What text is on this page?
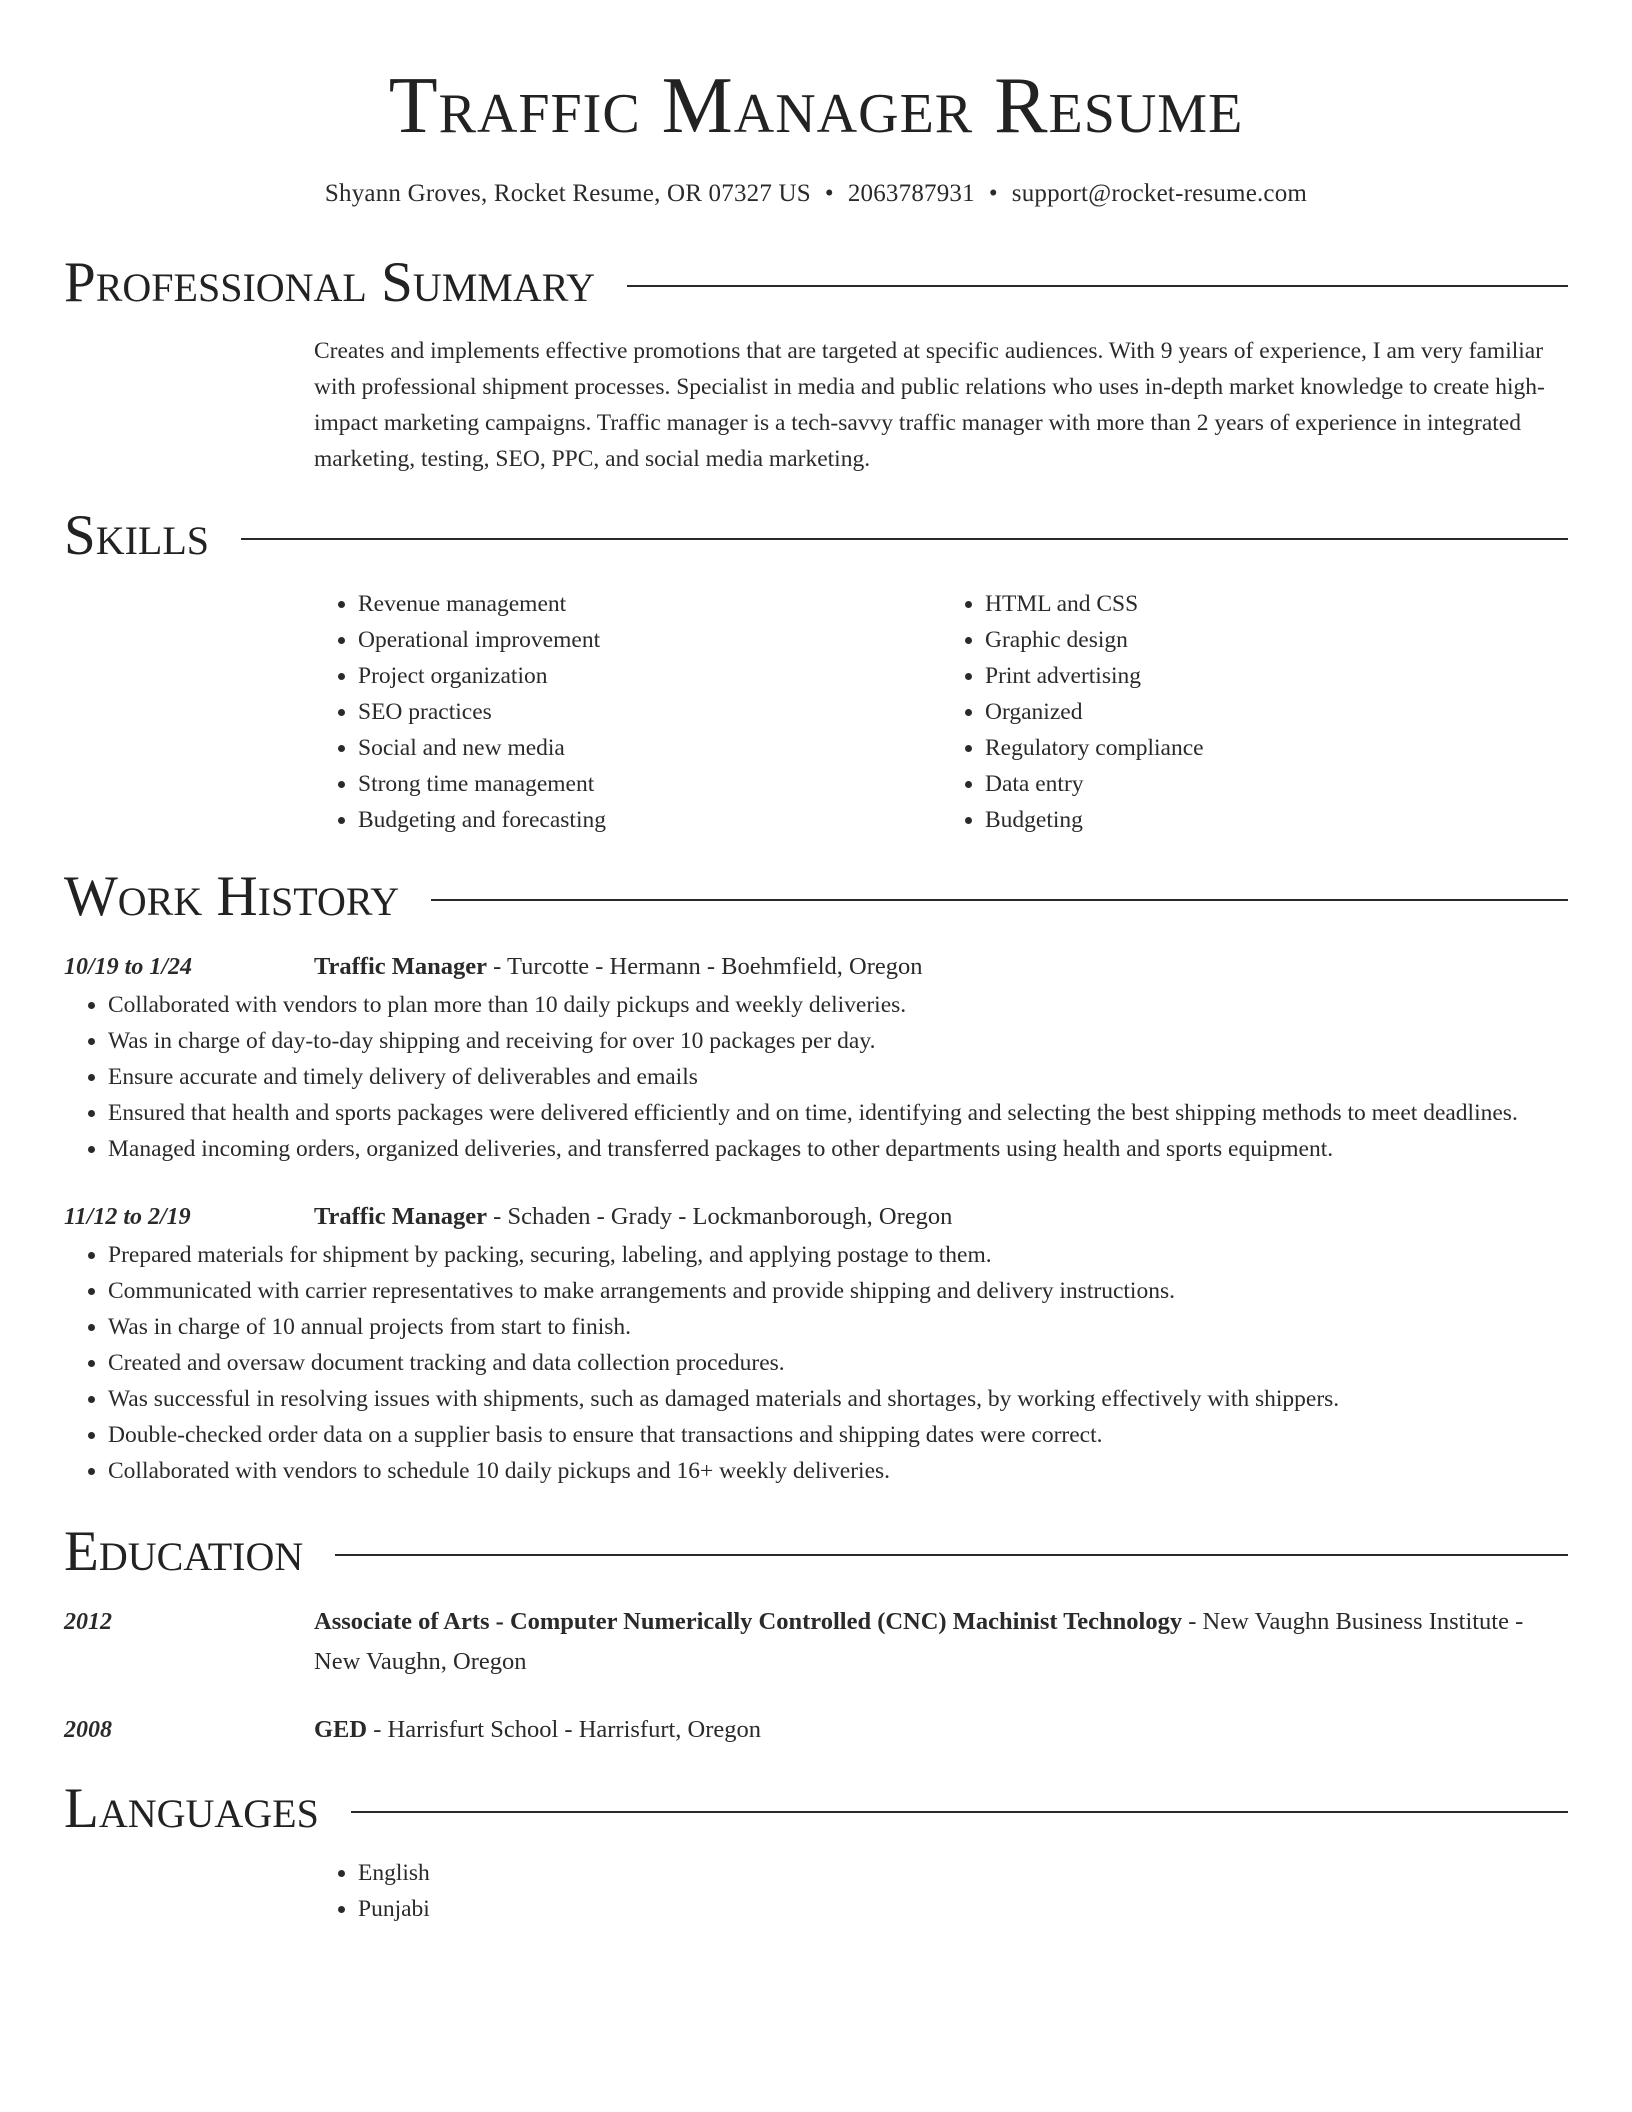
Traffic Manager Resume
Shyann Groves, Rocket Resume, OR 07327 US • 2063787931 • support@rocket-resume.com
Professional Summary
Creates and implements effective promotions that are targeted at specific audiences. With 9 years of experience, I am very familiar with professional shipment processes. Specialist in media and public relations who uses in-depth market knowledge to create high-impact marketing campaigns. Traffic manager is a tech-savvy traffic manager with more than 2 years of experience in integrated marketing, testing, SEO, PPC, and social media marketing.
Skills
• Revenue management
• Operational improvement
• Project organization
• SEO practices
• Social and new media
• Strong time management
• Budgeting and forecasting
• HTML and CSS
• Graphic design
• Print advertising
• Organized
• Regulatory compliance
• Data entry
• Budgeting
Work History
10/19 to 1/24	Traffic Manager - Turcotte - Hermann - Boehmfield, Oregon
• Collaborated with vendors to plan more than 10 daily pickups and weekly deliveries.
• Was in charge of day-to-day shipping and receiving for over 10 packages per day.
• Ensure accurate and timely delivery of deliverables and emails
• Ensured that health and sports packages were delivered efficiently and on time, identifying and selecting the best shipping methods to meet deadlines.
• Managed incoming orders, organized deliveries, and transferred packages to other departments using health and sports equipment.
11/12 to 2/19	Traffic Manager - Schaden - Grady - Lockmanborough, Oregon
• Prepared materials for shipment by packing, securing, labeling, and applying postage to them.
• Communicated with carrier representatives to make arrangements and provide shipping and delivery instructions.
• Was in charge of 10 annual projects from start to finish.
• Created and oversaw document tracking and data collection procedures.
• Was successful in resolving issues with shipments, such as damaged materials and shortages, by working effectively with shippers.
• Double-checked order data on a supplier basis to ensure that transactions and shipping dates were correct.
• Collaborated with vendors to schedule 10 daily pickups and 16+ weekly deliveries.
Education
2012	Associate of Arts - Computer Numerically Controlled (CNC) Machinist Technology - New Vaughn Business Institute - New Vaughn, Oregon
2008	GED - Harrisfurt School - Harrisfurt, Oregon
Languages
• English
• Punjabi
